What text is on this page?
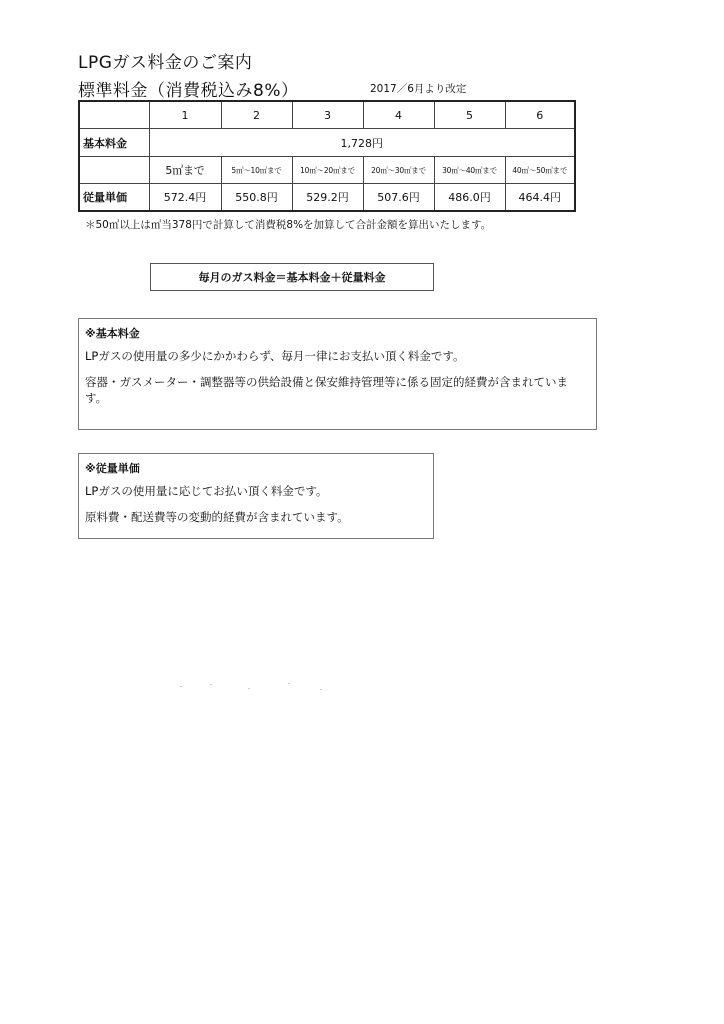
LPGガス料金のご案内
標準料金（消費税込み8%）	2017／6月より改定
	1	2	3	4	5	6
基本料金	1,728円					
	5㎥まで	5㎥～10㎥まで	10㎥～20㎥まで	20㎥～30㎥まで	30㎥～40㎥まで	40㎥～50㎥まで
従量単価	572.4円	550.8円	529.2円	507.6円	486.0円	464.4円
＊50㎥以上は㎥当378円で計算して消費税8%を加算して合計金額を算出いたします。
毎月のガス料金＝基本料金＋従量料金
※基本料金

LPガスの使用量の多少にかかわらず、毎月一律にお支払い頂く料金です。

容器・ガスメーター・調整器等の供給設備と保安維持管理等に係る固定的経費が含まれています。

※従量単価

LPガスの使用量に応じてお払い頂く料金です。

原料費・配送費等の変動的経費が含まれています。
